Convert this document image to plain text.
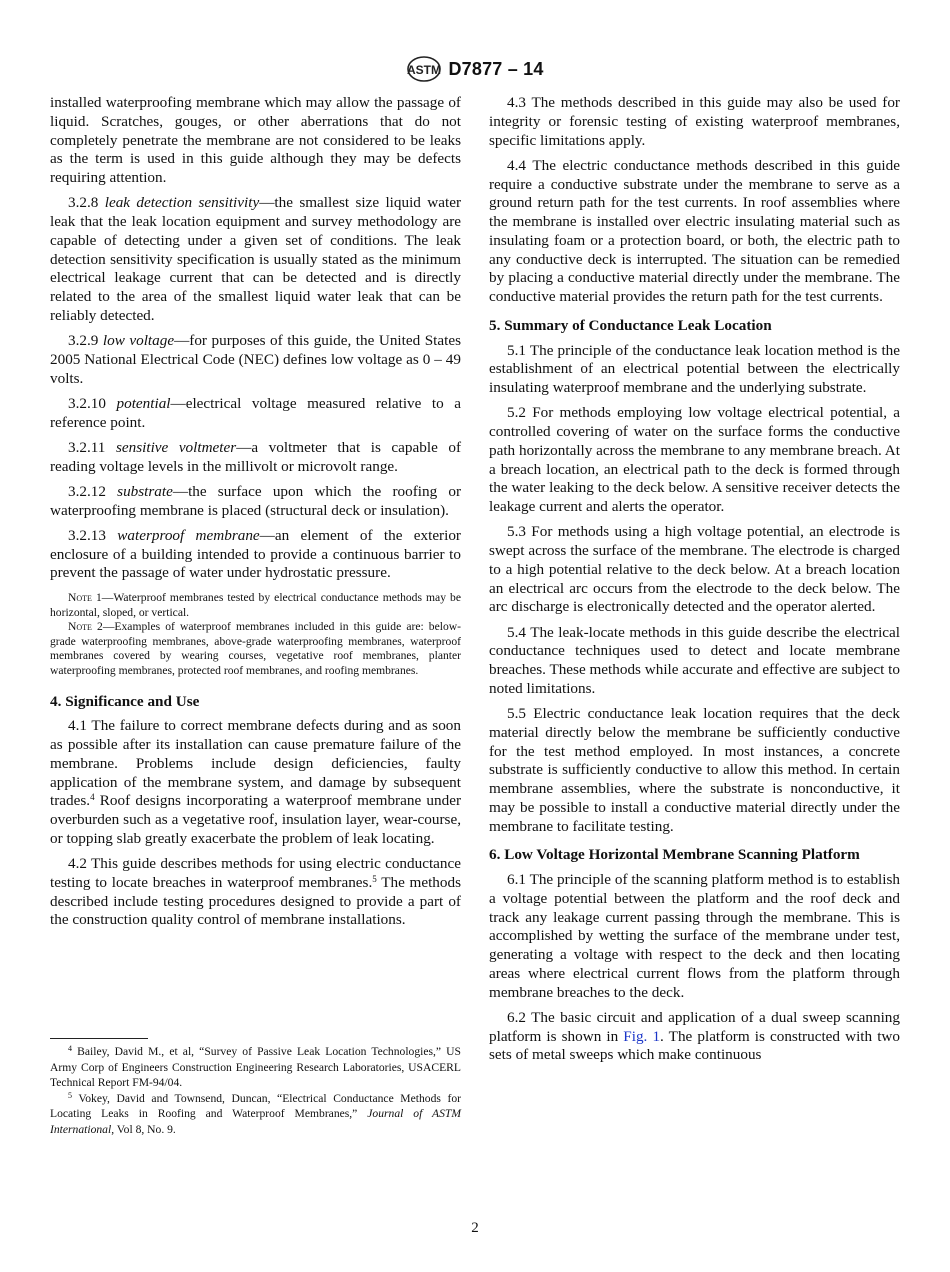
ASTM D7877 – 14

installed waterproofing membrane which may allow the passage of liquid. Scratches, gouges, or other aberrations that do not completely penetrate the membrane are not considered to be leaks as the term is used in this guide although they may be defects requiring attention.

3.2.8 leak detection sensitivity—the smallest size liquid water leak that the leak location equipment and survey methodology are capable of detecting under a given set of conditions. The leak detection sensitivity specification is usually stated as the minimum electrical leakage current that can be detected and is directly related to the area of the smallest liquid water leak that can be reliably detected.

3.2.9 low voltage—for purposes of this guide, the United States 2005 National Electrical Code (NEC) defines low voltage as 0 – 49 volts.

3.2.10 potential—electrical voltage measured relative to a reference point.

3.2.11 sensitive voltmeter—a voltmeter that is capable of reading voltage levels in the millivolt or microvolt range.

3.2.12 substrate—the surface upon which the roofing or waterproofing membrane is placed (structural deck or insulation).

3.2.13 waterproof membrane—an element of the exterior enclosure of a building intended to provide a continuous barrier to prevent the passage of water under hydrostatic pressure.

Note 1—Waterproof membranes tested by electrical conductance methods may be horizontal, sloped, or vertical.

Note 2—Examples of waterproof membranes included in this guide are: below-grade waterproofing membranes, above-grade waterproofing membranes, waterproof membranes covered by wearing courses, vegetative roof membranes, planter waterproofing membranes, protected roof membranes, and roofing membranes.

4. Significance and Use

4.1 The failure to correct membrane defects during and as soon as possible after its installation can cause premature failure of the membrane. Problems include design deficiencies, faulty application of the membrane system, and damage by subsequent trades.$^4$ Roof designs incorporating a waterproof membrane under overburden such as a vegetative roof, insulation layer, wear-course, or topping slab greatly exacerbate the problem of leak locating.

4.2 This guide describes methods for using electric conductance testing to locate breaches in waterproof membranes.$^5$ The methods described include testing procedures designed to provide a part of the construction quality control of membrane installations.

4.3 The methods described in this guide may also be used for integrity or forensic testing of existing waterproof membranes, specific limitations apply.

4.4 The electric conductance methods described in this guide require a conductive substrate under the membrane to serve as a ground return path for the test currents. In roof assemblies where the membrane is installed over electric insulating material such as insulating foam or a protection board, or both, the electric path to any conductive deck is interrupted. The situation can be remedied by placing a conductive material directly under the membrane. The conductive material provides the return path for the test currents.

5. Summary of Conductance Leak Location

5.1 The principle of the conductance leak location method is the establishment of an electrical potential between the electrically insulating waterproof membrane and the underlying substrate.

5.2 For methods employing low voltage electrical potential, a controlled covering of water on the surface forms the conductive path horizontally across the membrane to any membrane breach. At a breach location, an electrical path to the deck is formed through the water leaking to the deck below. A sensitive receiver detects the leakage current and alerts the operator.

5.3 For methods using a high voltage potential, an electrode is swept across the surface of the membrane. The electrode is charged to a high potential relative to the deck below. At a breach location an electrical arc occurs from the electrode to the deck below. The arc discharge is electronically detected and the operator alerted.

5.4 The leak-locate methods in this guide describe the electrical conductance techniques used to detect and locate membrane breaches. These methods while accurate and effective are subject to noted limitations.

5.5 Electric conductance leak location requires that the deck material directly below the membrane be sufficiently conductive for the test method employed. In most instances, a concrete substrate is sufficiently conductive to allow this method. In certain membrane assemblies, where the substrate is nonconductive, it may be possible to install a conductive material directly under the membrane to facilitate testing.

6. Low Voltage Horizontal Membrane Scanning Platform

6.1 The principle of the scanning platform method is to establish a voltage potential between the platform and the roof deck and track any leakage current passing through the membrane. This is accomplished by wetting the surface of the membrane under test, generating a voltage with respect to the deck and then locating areas where electrical current flows from the platform through membrane breaches to the deck.

6.2 The basic circuit and application of a dual sweep scanning platform is shown in Fig. 1. The platform is constructed with two sets of metal sweeps which make continuous

$^4$ Bailey, David M., et al, “Survey of Passive Leak Location Technologies,” US Army Corp of Engineers Construction Engineering Research Laboratories, USACERL Technical Report FM-94/04.

$^5$ Vokey, David and Townsend, Duncan, “Electrical Conductance Methods for Locating Leaks in Roofing and Waterproof Membranes,” Journal of ASTM International, Vol 8, No. 9.

2
